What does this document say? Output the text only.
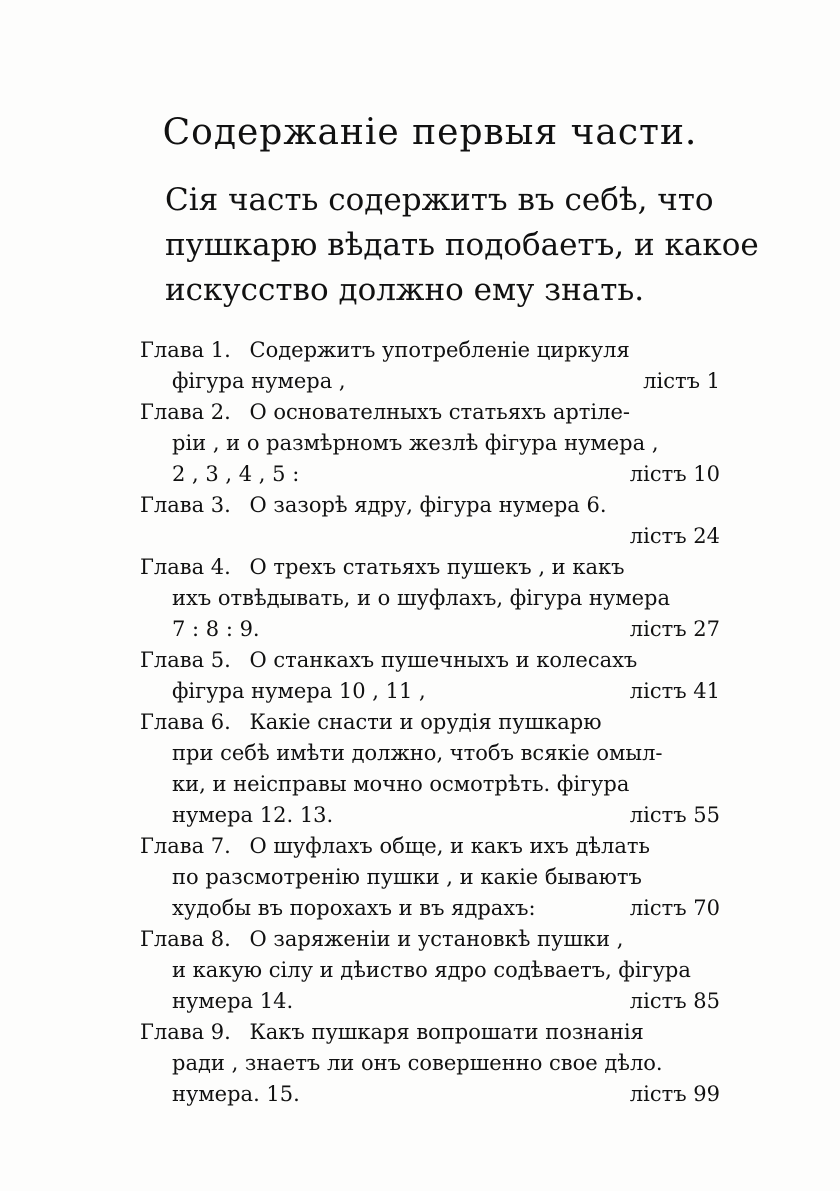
Содержаніе первыя части.
Сія часть содержитъ въ себѣ, что
пушкарю вѣдать подобаетъ, и какое
искусство должно ему знать.
Глава 1. Содержитъ употребленіе циркуля
фігура нумера ,	лістъ 1
Глава 2. О основателныхъ статьяхъ артілe-
рiи , и о размѣрномъ жезлѣ фігура нумера ,
2 , 3 , 4 , 5 :	лістъ 10
Глава 3. О зазорѣ ядру, фігура нумера 6.
лістъ 24
Глава 4. О трехъ статьяхъ пушекъ , и какъ
ихъ отвѣдывать, и о шуфлахъ, фігура нумера
7 : 8 : 9.	лістъ 27
Глава 5. О станкахъ пушечныхъ и колесахъ
фігура нумера 10 , 11 ,	лістъ 41
Глава 6. Какіе снасти и орудія пушкарю
при себѣ имѣти должно, чтобъ всякіе омыл-
ки, и неісправы мочно осмотрѣть. фігура
нумера 12. 13.	лістъ 55
Глава 7. О шуфлахъ обще, и какъ ихъ дѣлать
по разсмотренію пушки , и какіе бываютъ
худобы въ порохахъ и въ ядрахъ:	лістъ 70
Глава 8. О заряженіи и установкѣ пушки ,
и какую сілу и дѣиство ядро содѣваетъ, фігура
нумера 14.	лістъ 85
Глава 9. Какъ пушкаря вопрошати познанія
ради , знаетъ ли онъ совершенно свое дѣло.
нумера. 15.	лістъ 99
